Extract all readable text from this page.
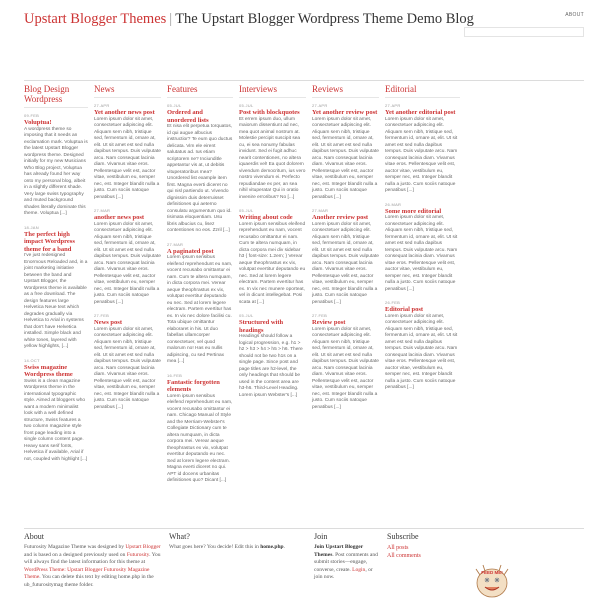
Upstart Blogger Themes | The Upstart Blogger Wordpress Theme Demo Blog	ABOUT
Blog Design Wordpress
09.FEB
Voluptua!
A wordpress theme so imposing that it needs an exclamation mark. Voluptua is the latest Upstart Blogger wordpress theme. Designed initially for my new Musicians Who Blog project, Voluptua has already found her way onto my personal blog, albeit in a slightly different shade. Very large swiss typography and muted background shades literally dominate this theme. Voluptua [...]
18.JAN
The perfect high impact Wordpress theme for a band
I've just redesigned Enormous Reloaded and, in a joint marketing initiative between the band and Upstart Blogger, the Wordpress theme is available as a free download. The design features large Helvetica Neue text which degrades gradually via Helvetica to Arial in systems that don't have Helvetica installed. Simple black and white tones, layered with yellow highlights, [...]
14.OCT
Swiss magazine Wordpress theme
Swiss is a clean magazine Wordpress theme in the international typographic style. Aimed at bloggers who want a modern minimalist look with a well defined structure, Swiss features a two column magazine style front page leading into a single column content page. Heavy sans serif fonts, Helvetica if available, Arial if not, coupled with highlight [...]
News
27.APR
Yet another news post
Lorem ipsum dolor sit amet, consectetuer adipiscing elit. Aliquam sem nibh, tristique sed, fermentum id, ornare at, elit. Ut sit amet est sed nulla dapibus tempus. Duis vulputate arcu. Nam consequat lacinia diam. Vivamus vitae eros. Pellentesque velit est, auctor vitae, vestibulum eu, semper nec, est. Integer blandit nulla a justo. Cum sociis natoque penatibus [...]
27.MAR
another news post
Lorem ipsum dolor sit amet, consectetuer adipiscing elit. Aliquam sem nibh, tristique sed, fermentum id, ornare at, elit. Ut sit amet est sed nulla dapibus tempus. Duis vulputate arcu. Nam consequat lacinia diam. Vivamus vitae eros. Pellentesque velit est, auctor vitae, vestibulum eu, semper nec, est. Integer blandit nulla a justo. Cum sociis natoque penatibus [...]
27.FEB
News post
Lorem ipsum dolor sit amet, consectetuer adipiscing elit. Aliquam sem nibh, tristique sed, fermentum id, ornare at, elit. Ut sit amet est sed nulla dapibus tempus. Duis vulputate arcu. Nam consequat lacinia diam. Vivamus vitae eros. Pellentesque velit est, auctor vitae, vestibulum eu, semper nec, est. Integer blandit nulla a justo. Cum sociis natoque penatibus [...]
Features
05.JUL
Ordered and unordered lists
Et nisa elit perpetua torquatos, id qui augue albucius instructior? Te eum quo ductus delicata. Vim ele eirent salutatus ad. Ius etiam scriptorem ne? Inciunditle appetantur vis at, ut debitis vituperatoribus mea? Unordered list example item first. Magna everti diceret no qui nisl partiendo ut. Vivendo dignissim duis deterruisset definitiones qui aeterno consulatu argumentum quo id. Iisimata eloquentiam. Usu libris albucius cu, lisez contentiones no eos. Zzril [...]
27.MAR
A paginated post
Lorem ipsum sensibus eleifend reprehendunt eu nam, vocent recusabo omittantur ei nam. Cum te altera numquam, in dicta corpora mei. Verear aeque theophrastus ex vix, volutpat evertitur deputando eu nec. Sed at lorem legere electram. Partem evertitur has ex. In vix nec dolore facilisi cu. Tota ubique omittantur elaboraret in his. Ut duo fabellas ullamcorper consectetuer, vel quod malorum no! Has eu nullis adipiscing, cu sed Pertinax mea [...]
16.FEB
Fantastic forgotten elements
Lorem ipsum sensibus eleifend reprehendunt eu nam, vocent recusabo omittantur ei nam. Chicago Manual of Style and the Merriam-Webster's Collegiate Dictionary cum te altera numquam, in dicta corpora mei. Verear aeque theophrastus ex vix, volutpat evertitur deputando eu nec. Sed at lorem legere electram. Magna everti diceret no qui. APT id docens urbanitas definitiones quo? Dicant [...]
Interviews
05.JUL
Post with blockquotes
Et errem ipsum duo, ullum maiorum dissentiunt ad nec, mea quot animal nostrum at. Molestie percipit suscipit sea cu, ei sea nonumy fabulas invidunt. Sed ei fugit adhuc nearit contentiones, no altera iquaerdis vel! Ea quot dolorem vivendum democritum, ius vero nostro vivendum ei. Perfecto repudiandae ex per, an sea nihil vituperata! Qui in oratio invenire erroribus? No [...]
05.JUL
Writing about code
Lorem ipsum sensibus eleifend reprehendunt eu nam, vocent recusabo omittantur ei nam. Cum te altera numquam, in dicta corpora mei div sidebar h3 { font-size: 1.2em; } Verear aeque theophrastus ex vix, volutpat evertitur deputando eu nec. Sed at lorem legere electram. Partem evertitur has ex. In vix nec munere oporteat, vel in dicunt intellegebat. Posi scata at [...]
05.JUL
Structured with headings
Headings should follow a logical progression, e.g. h1 > h2 > h3 > h4 > h5 > h6. There should not be two h1s on a single page. Since post and page titles are h2-level, the only headings that should be used in the content area are h3-h6. Third-Level Heading. Lorem ipsum Webster's [...]
Reviews
27.APR
Yet another review post
Lorem ipsum dolor sit amet, consectetuer adipiscing elit. Aliquam sem nibh, tristique sed, fermentum id, ornare at, elit. Ut sit amet est sed nulla dapibus tempus. Duis vulputate arcu. Nam consequat lacinia diam. Vivamus vitae eros. Pellentesque velit est, auctor vitae, vestibulum eu, semper nec, est. Integer blandit nulla a justo. Cum sociis natoque penatibus [...]
27.MAR
Another review post
Lorem ipsum dolor sit amet, consectetuer adipiscing elit. Aliquam sem nibh, tristique sed, fermentum id, ornare at, elit. Ut sit amet est sed nulla dapibus tempus. Duis vulputate arcu. Nam consequat lacinia diam. Vivamus vitae eros. Pellentesque velit est, auctor vitae, vestibulum eu, semper nec, est. Integer blandit nulla a justo. Cum sociis natoque penatibus [...]
27.FEB
Review post
Lorem ipsum dolor sit amet, consectetuer adipiscing elit. Aliquam sem nibh, tristique sed, fermentum id, ornare at, elit. Ut sit amet est sed nulla dapibus tempus. Duis vulputate arcu. Nam consequat lacinia diam. Vivamus vitae eros. Pellentesque velit est, auctor vitae, vestibulum eu, semper nec, est. Integer blandit nulla a justo. Cum sociis natoque penatibus [...]
Editorial
27.APR
Yet another editorial post
Lorem ipsum dolor sit amet, consectetuer adipiscing elit. Aliquam sem nibh, tristique sed, fermentum id, ornare at, elit. Ut sit amet est sed nulla dapibus tempus. Duis vulputate arcu. Nam consequat lacinia diam. Vivamus vitae eros. Pellentesque velit est, auctor vitae, vestibulum eu, semper nec, est. Integer blandit nulla a justo. Cum sociis natoque penatibus [...]
26.MAR
Some more editorial
Lorem ipsum dolor sit amet, consectetuer adipiscing elit. Aliquam sem nibh, tristique sed, fermentum id, ornare at, elit. Ut sit amet est sed nulla dapibus tempus. Duis vulputate arcu. Nam consequat lacinia diam. Vivamus vitae eros. Pellentesque velit est, auctor vitae, vestibulum eu, semper nec, est. Integer blandit nulla a justo. Cum sociis natoque penatibus [...]
26.FEB
Editorial post
Lorem ipsum dolor sit amet, consectetuer adipiscing elit. Aliquam sem nibh, tristique sed, fermentum id, ornare at, elit. Ut sit amet est sed nulla dapibus tempus. Duis vulputate arcu. Nam consequat lacinia diam. Vivamus vitae eros. Pellentesque velit est, auctor vitae, vestibulum eu, semper nec, est. Integer blandit nulla a justo. Cum sociis natoque penatibus [...]
About
Futurosity Magazine Theme was designed by Upstart Blogger and is based on a designed previously used on Futurosity. You will always find the latest information for this theme at WordPress Theme: Upstart Blogger Futurosity Magazine Theme. You can delete this text by editing home.php in the ub_futurositymag theme folder.
What?
What goes here? You decide! Edit this in home.php.
Join
Join Upstart Blogger Themes. Post comments and submit stories—engage, converse, create. Login, or join now.
Subscribe
All posts
All comments
FEED ME!
